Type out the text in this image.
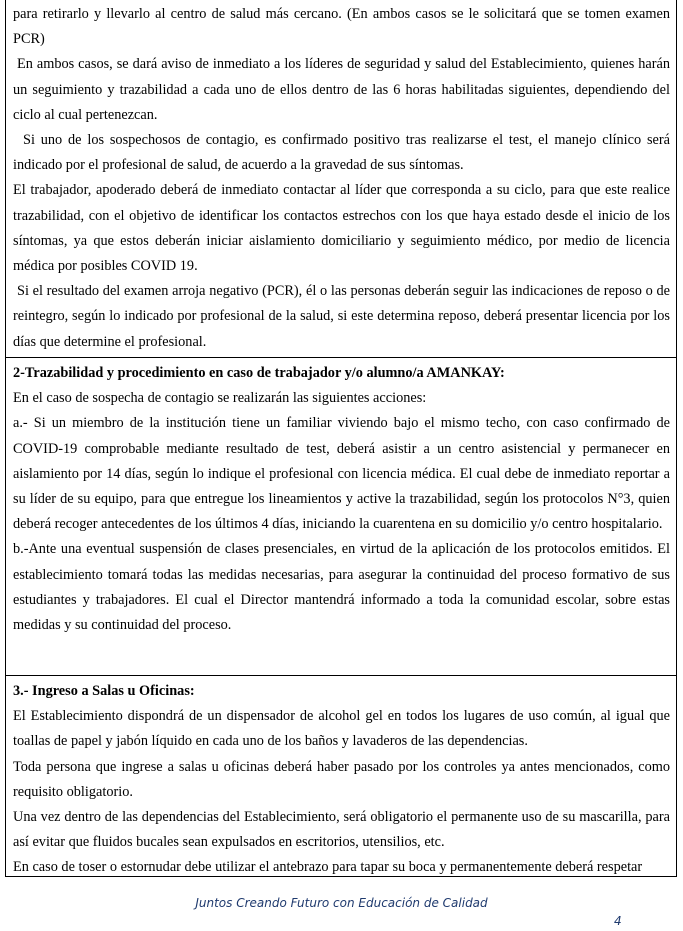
para retirarlo y llevarlo al centro de salud más cercano. (En ambos casos se le solicitará que se tomen examen PCR)

En ambos casos, se dará aviso de inmediato a los líderes de seguridad y salud del Establecimiento, quienes harán un seguimiento y trazabilidad a cada uno de ellos dentro de las 6 horas habilitadas siguientes, dependiendo del ciclo al cual pertenezcan.

Si uno de los sospechosos de contagio, es confirmado positivo tras realizarse el test, el manejo clínico será indicado por el profesional de salud, de acuerdo a la gravedad de sus síntomas.

El trabajador, apoderado deberá de inmediato contactar al líder que corresponda a su ciclo, para que este realice trazabilidad, con el objetivo de identificar los contactos estrechos con los que haya estado desde el inicio de los síntomas, ya que estos deberán iniciar aislamiento domiciliario y seguimiento médico, por medio de licencia médica por posibles COVID 19.

Si el resultado del examen arroja negativo (PCR), él o las personas deberán seguir las indicaciones de reposo o de reintegro, según lo indicado por profesional de la salud, si este determina reposo, deberá presentar licencia por los días que determine el profesional.

2-Trazabilidad y procedimiento en caso de trabajador y/o alumno/a AMANKAY:

En el caso de sospecha de contagio se realizarán las siguientes acciones:

a.- Si un miembro de la institución tiene un familiar viviendo bajo el mismo techo, con caso confirmado de COVID-19 comprobable mediante resultado de test, deberá asistir a un centro asistencial y permanecer en aislamiento por 14 días, según lo indique el profesional con licencia médica. El cual debe de inmediato reportar a su líder de su equipo, para que entregue los lineamientos y active la trazabilidad, según los protocolos N°3, quien deberá recoger antecedentes de los últimos 4 días, iniciando la cuarentena en su domicilio y/o centro hospitalario.

b.-Ante una eventual suspensión de clases presenciales, en virtud de la aplicación de los protocolos emitidos. El establecimiento tomará todas las medidas necesarias, para asegurar la continuidad del proceso formativo de sus estudiantes y trabajadores. El cual el Director mantendrá informado a toda la comunidad escolar, sobre estas medidas y su continuidad del proceso.

3.- Ingreso a Salas u Oficinas:

El Establecimiento dispondrá de un dispensador de alcohol gel en todos los lugares de uso común, al igual que toallas de papel y jabón líquido en cada uno de los baños y lavaderos de las dependencias.

Toda persona que ingrese a salas u oficinas deberá haber pasado por los controles ya antes mencionados, como requisito obligatorio.

Una vez dentro de las dependencias del Establecimiento, será obligatorio el permanente uso de su mascarilla, para así evitar que fluidos bucales sean expulsados en escritorios, utensilios, etc.

En caso de toser o estornudar debe utilizar el antebrazo para tapar su boca y permanentemente deberá respetar

Juntos Creando Futuro con Educación de Calidad
4
